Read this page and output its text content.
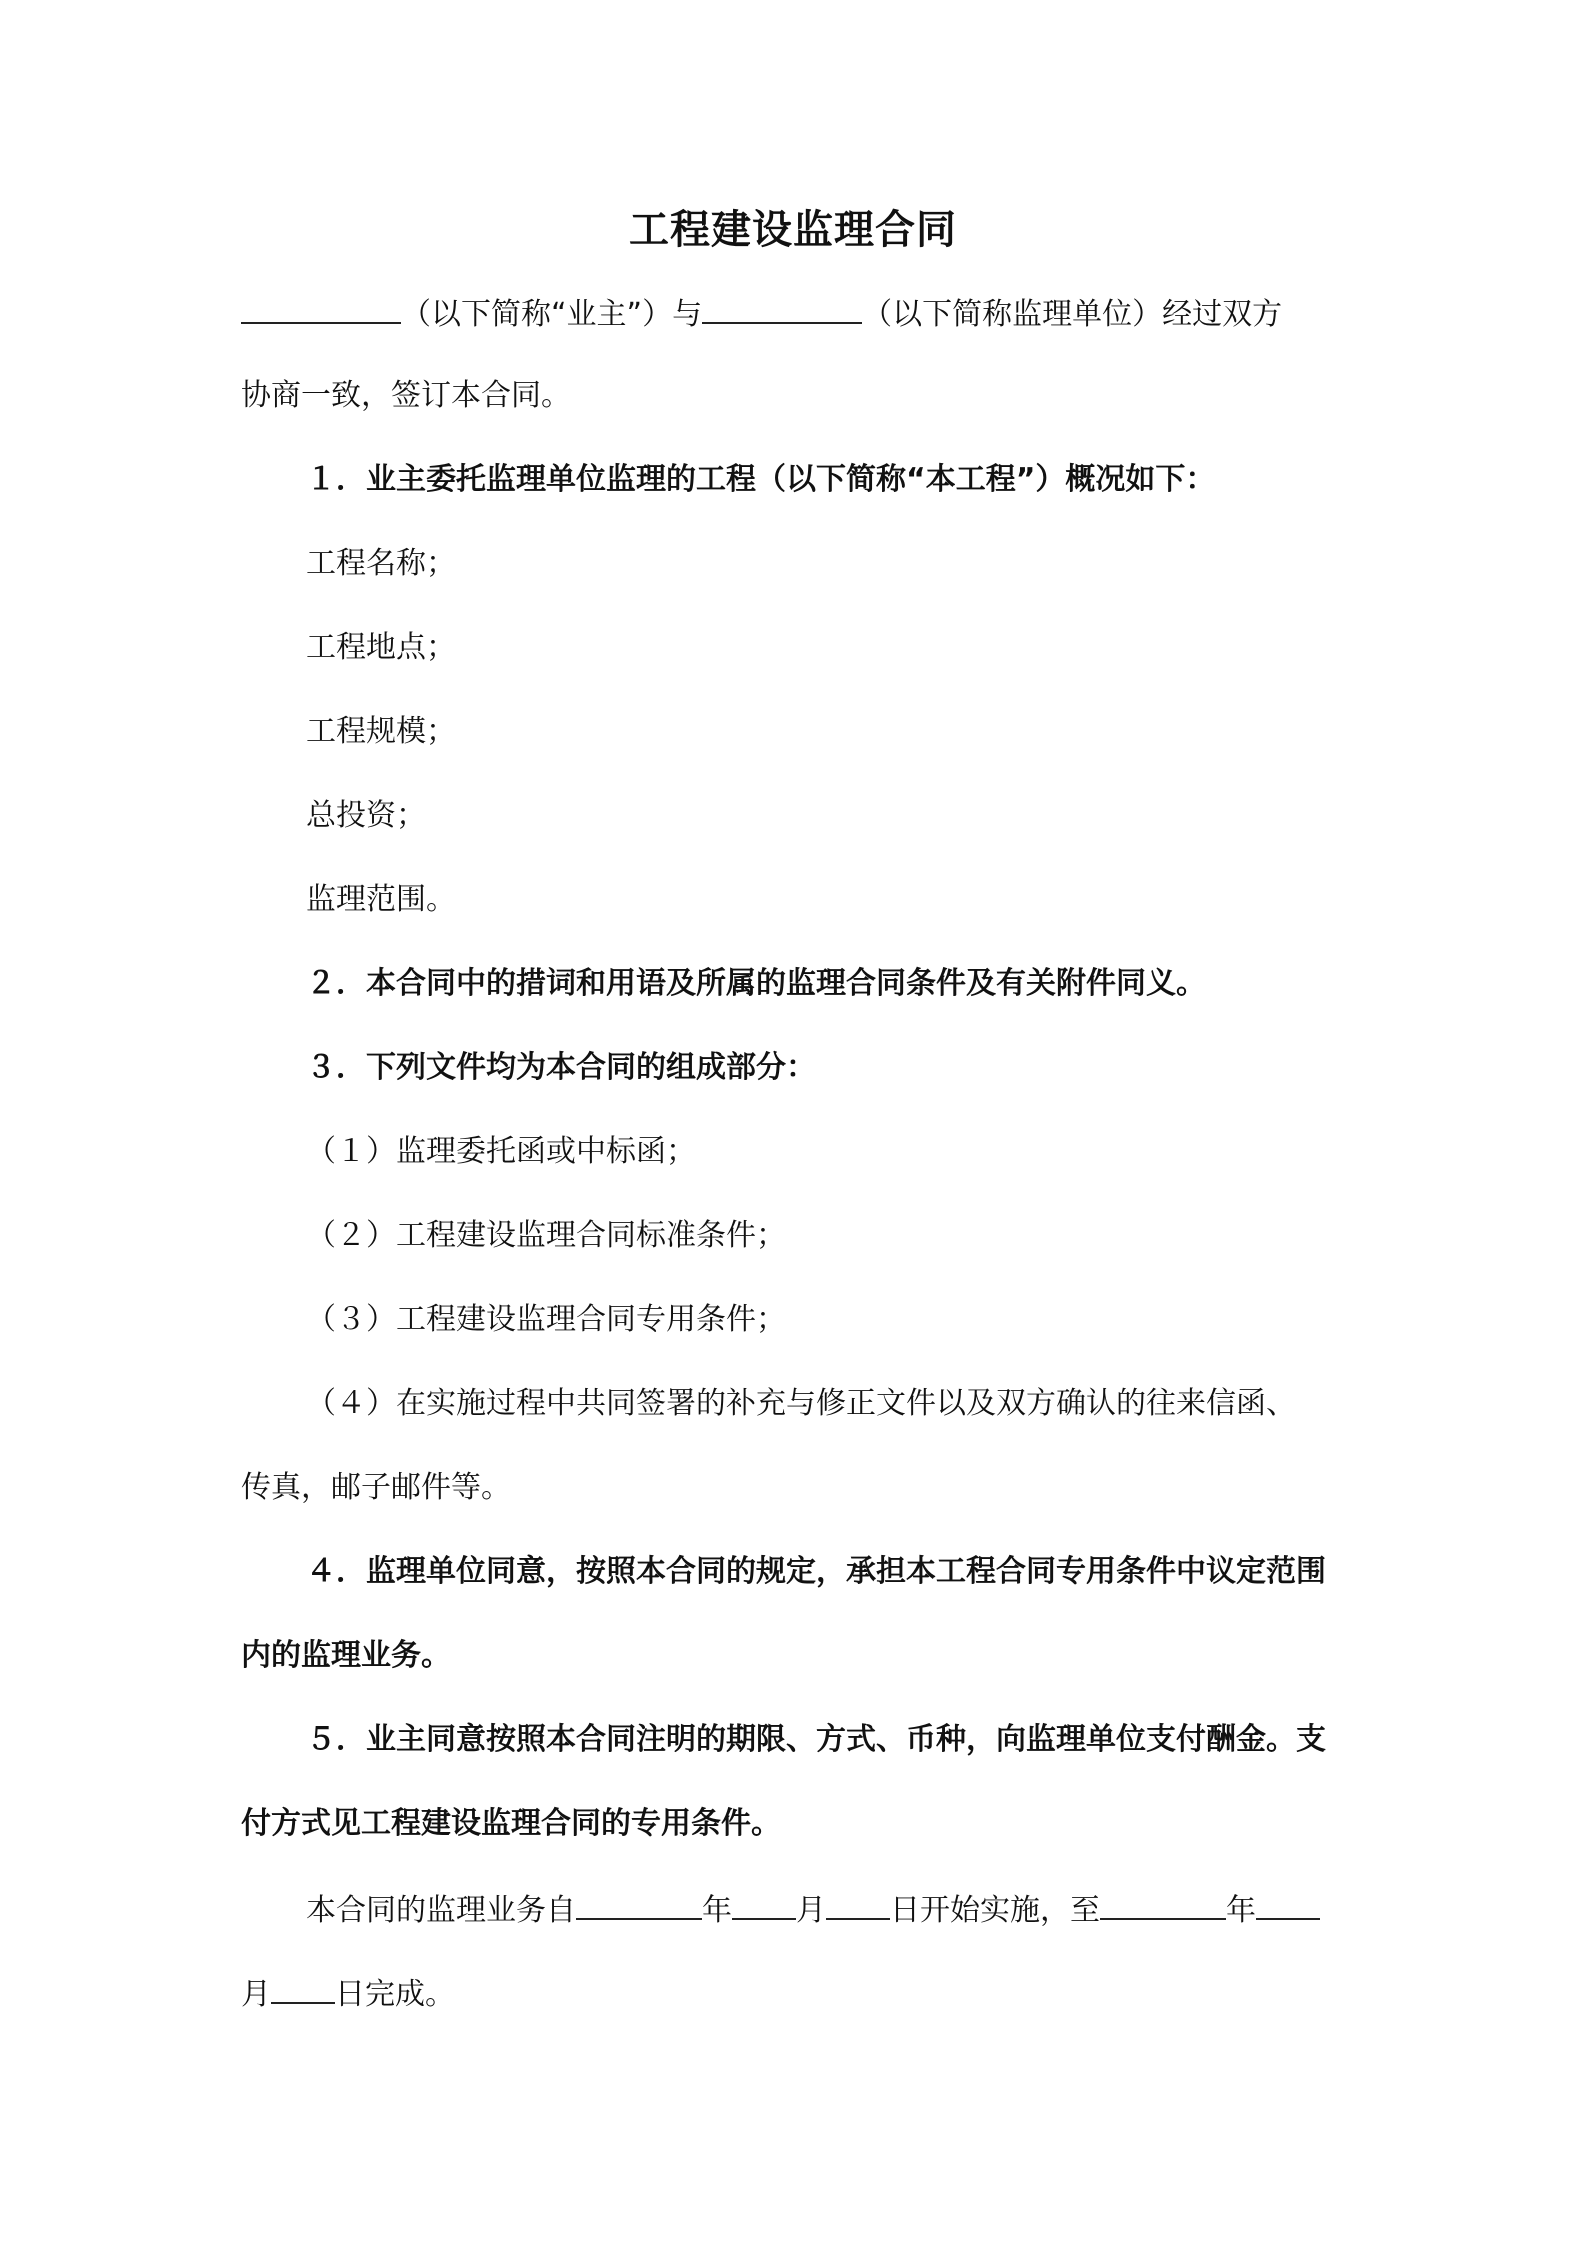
工程建设监理合同

（以下简称“业主”）与	（以下简称监理单位）经过双方

协商一致，签订本合同。

１．业主委托监理单位监理的工程（以下简称“本工程”）概况如下：

工程名称；

工程地点；

工程规模；

总投资；

监理范围。

２．本合同中的措词和用语及所属的监理合同条件及有关附件同义。

３．下列文件均为本合同的组成部分：

（１）监理委托函或中标函；

（２）工程建设监理合同标准条件；

（３）工程建设监理合同专用条件；

（４）在实施过程中共同签署的补充与修正文件以及双方确认的往来信函、

传真，邮子邮件等。

４．监理单位同意，按照本合同的规定，承担本工程合同专用条件中议定范围

内的监理业务。

５．业主同意按照本合同注明的期限、方式、币种，向监理单位支付酬金。支

付方式见工程建设监理合同的专用条件。

本合同的监理业务自	年 月 日开始实施，至	年

月 日完成。
